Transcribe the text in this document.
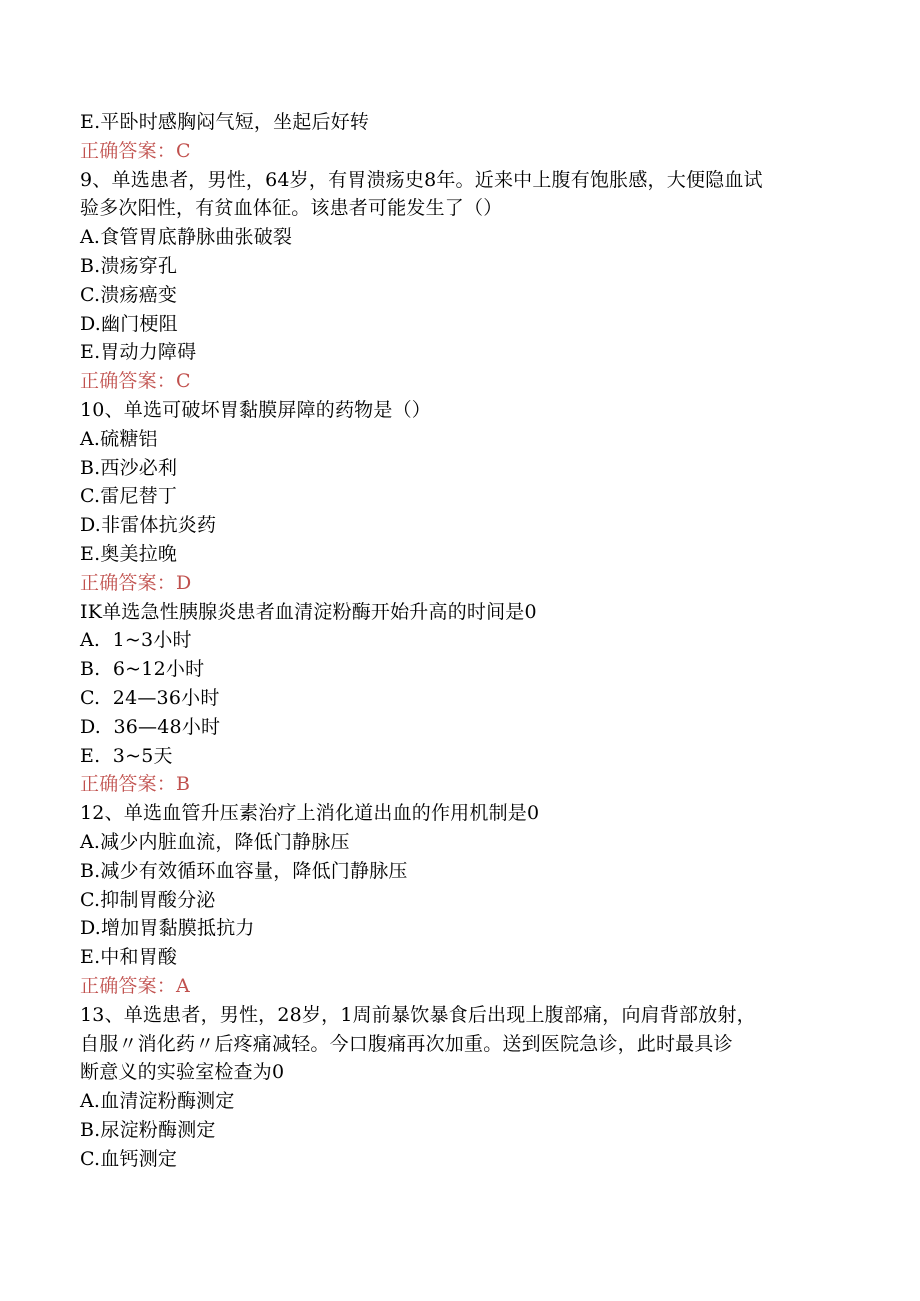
E.平卧时感胸闷气短，坐起后好转
正确答案：C
9、单选患者，男性，64岁，有胃溃疡史8年。近来中上腹有饱胀感，大便隐血试
验多次阳性，有贫血体征。该患者可能发生了（）
A.食管胃底静脉曲张破裂
B.溃疡穿孔
C.溃疡癌变
D.幽门梗阻
E.胃动力障碍
正确答案：C
10、单选可破坏胃黏膜屏障的药物是（）
A.硫糖铝
B.西沙必利
C.雷尼替丁
D.非雷体抗炎药
E.奥美拉晚
正确答案：D
IK单选急性胰腺炎患者血清淀粉酶开始升高的时间是0
A.  1~3小时
B.  6~12小时
C.  24—36小时
D.  36—48小时
E.  3~5天
正确答案：B
12、单选血管升压素治疗上消化道出血的作用机制是0
A.减少内脏血流，降低门静脉压
B.减少有效循环血容量，降低门静脉压
C.抑制胃酸分泌
D.增加胃黏膜抵抗力
E.中和胃酸
正确答案：A
13、单选患者，男性，28岁，1周前暴饮暴食后出现上腹部痛，向肩背部放射，
自服〃消化药〃后疼痛减轻。今口腹痛再次加重。送到医院急诊，此时最具诊
断意义的实验室检查为0
A.血清淀粉酶测定
B.尿淀粉酶测定
C.血钙测定
